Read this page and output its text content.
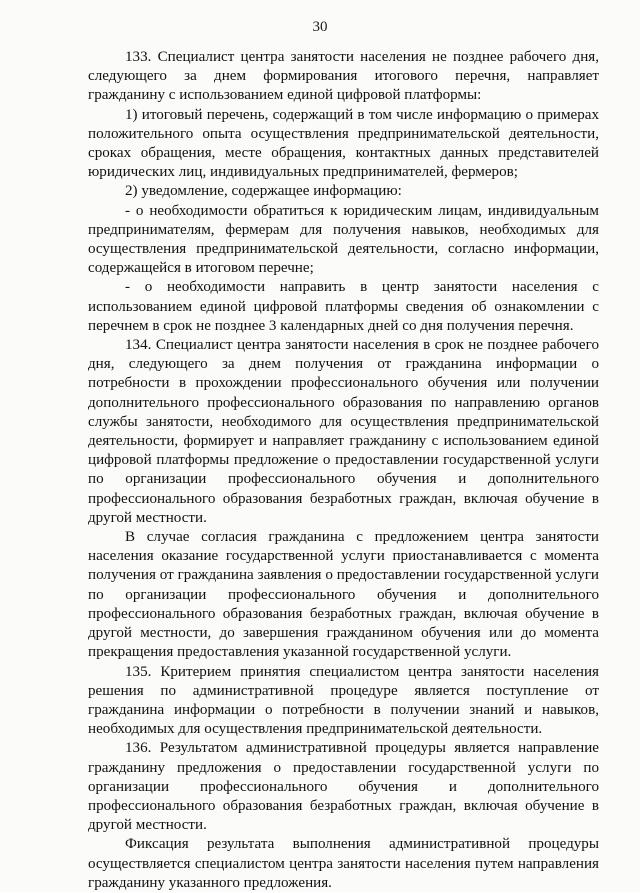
30

133. Специалист центра занятости населения не позднее рабочего дня, следующего за днем формирования итогового перечня, направляет гражданину с использованием единой цифровой платформы:

1) итоговый перечень, содержащий в том числе информацию о примерах положительного опыта осуществления предпринимательской деятельности, сроках обращения, месте обращения, контактных данных представителей юридических лиц, индивидуальных предпринимателей, фермеров;

2) уведомление, содержащее информацию:

- о необходимости обратиться к юридическим лицам, индивидуальным предпринимателям, фермерам для получения навыков, необходимых для осуществления предпринимательской деятельности, согласно информации, содержащейся в итоговом перечне;

- о необходимости направить в центр занятости населения с использованием единой цифровой платформы сведения об ознакомлении с перечнем в срок не позднее 3 календарных дней со дня получения перечня.

134. Специалист центра занятости населения в срок не позднее рабочего дня, следующего за днем получения от гражданина информации о потребности в прохождении профессионального обучения или получении дополнительного профессионального образования по направлению органов службы занятости, необходимого для осуществления предпринимательской деятельности, формирует и направляет гражданину с использованием единой цифровой платформы предложение о предоставлении государственной услуги по организации профессионального обучения и дополнительного профессионального образования безработных граждан, включая обучение в другой местности.

В случае согласия гражданина с предложением центра занятости населения оказание государственной услуги приостанавливается с момента получения от гражданина заявления о предоставлении государственной услуги по организации профессионального обучения и дополнительного профессионального образования безработных граждан, включая обучение в другой местности, до завершения гражданином обучения или до момента прекращения предоставления указанной государственной услуги.

135. Критерием принятия специалистом центра занятости населения решения по административной процедуре является поступление от гражданина информации о потребности в получении знаний и навыков, необходимых для осуществления предпринимательской деятельности.

136. Результатом административной процедуры является направление гражданину предложения о предоставлении государственной услуги по организации профессионального обучения и дополнительного профессионального образования безработных граждан, включая обучение в другой местности.

Фиксация результата выполнения административной процедуры осуществляется специалистом центра занятости населения путем направления гражданину указанного предложения.
